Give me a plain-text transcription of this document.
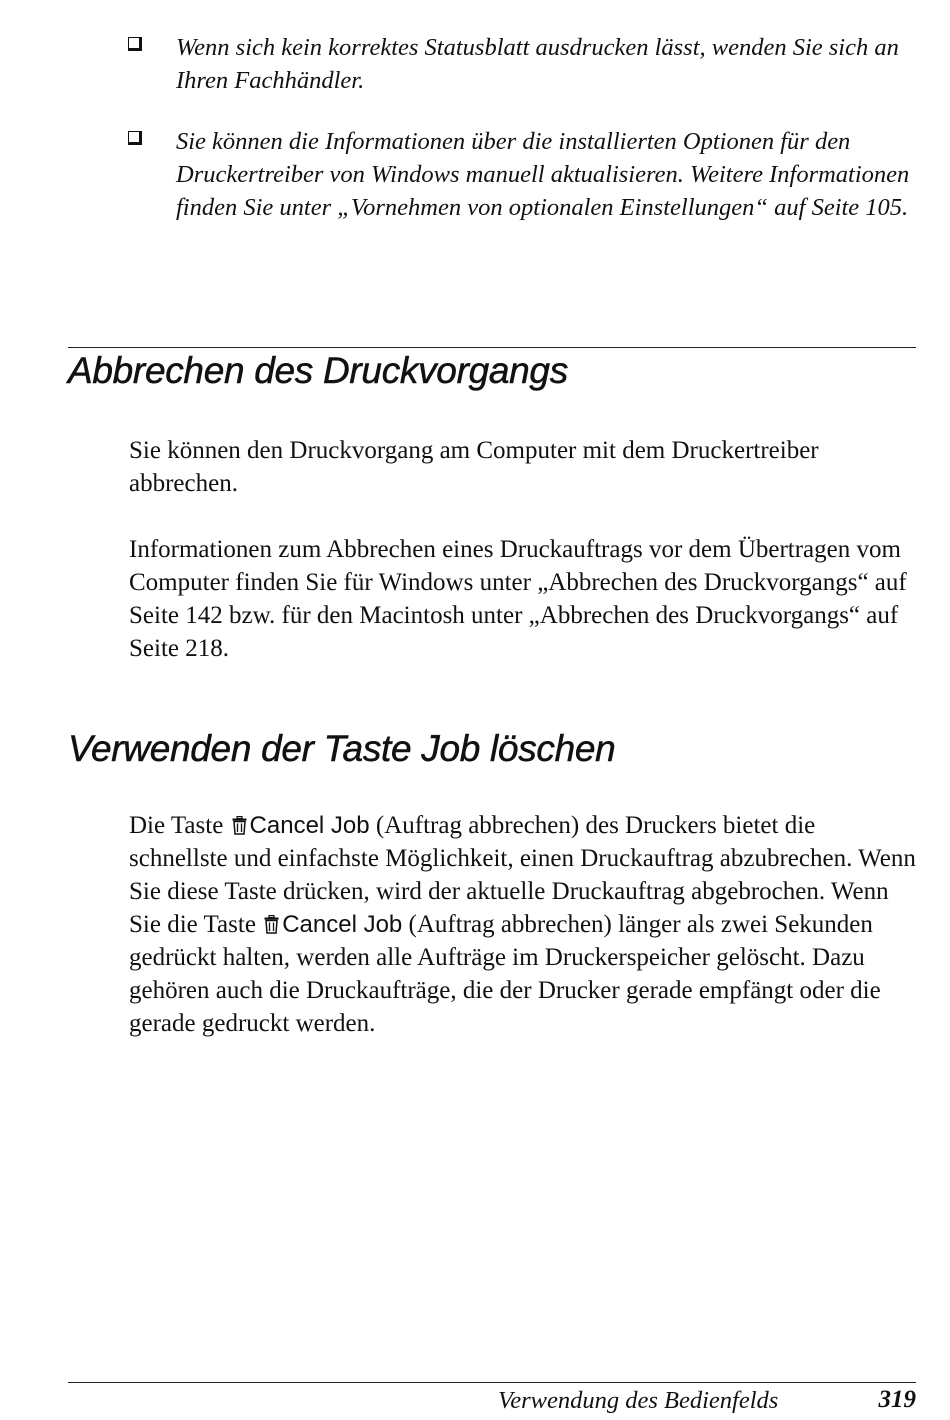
Wenn sich kein korrektes Statusblatt ausdrucken lässt, wenden Sie sich an Ihren Fachhändler.
Sie können die Informationen über die installierten Optionen für den Druckertreiber von Windows manuell aktualisieren. Weitere Informationen finden Sie unter „Vornehmen von optionalen Einstellungen“ auf Seite 105.
Abbrechen des Druckvorgangs

Sie können den Druckvorgang am Computer mit dem Druckertreiber abbrechen.

Informationen zum Abbrechen eines Druckauftrags vor dem Übertragen vom Computer finden Sie für Windows unter „Abbrechen des Druckvorgangs“ auf Seite 142 bzw. für den Macintosh unter „Abbrechen des Druckvorgangs“ auf Seite 218.

Verwenden der Taste Job löschen

Die Taste Cancel Job (Auftrag abbrechen) des Druckers bietet die schnellste und einfachste Möglichkeit, einen Druckauftrag abzubrechen. Wenn Sie diese Taste drücken, wird der aktuelle Druckauftrag abgebrochen. Wenn Sie die Taste Cancel Job (Auftrag abbrechen) länger als zwei Sekunden gedrückt halten, werden alle Aufträge im Druckerspeicher gelöscht. Dazu gehören auch die Druckaufträge, die der Drucker gerade empfängt oder die gerade gedruckt werden.

Verwendung des Bedienfelds	319
